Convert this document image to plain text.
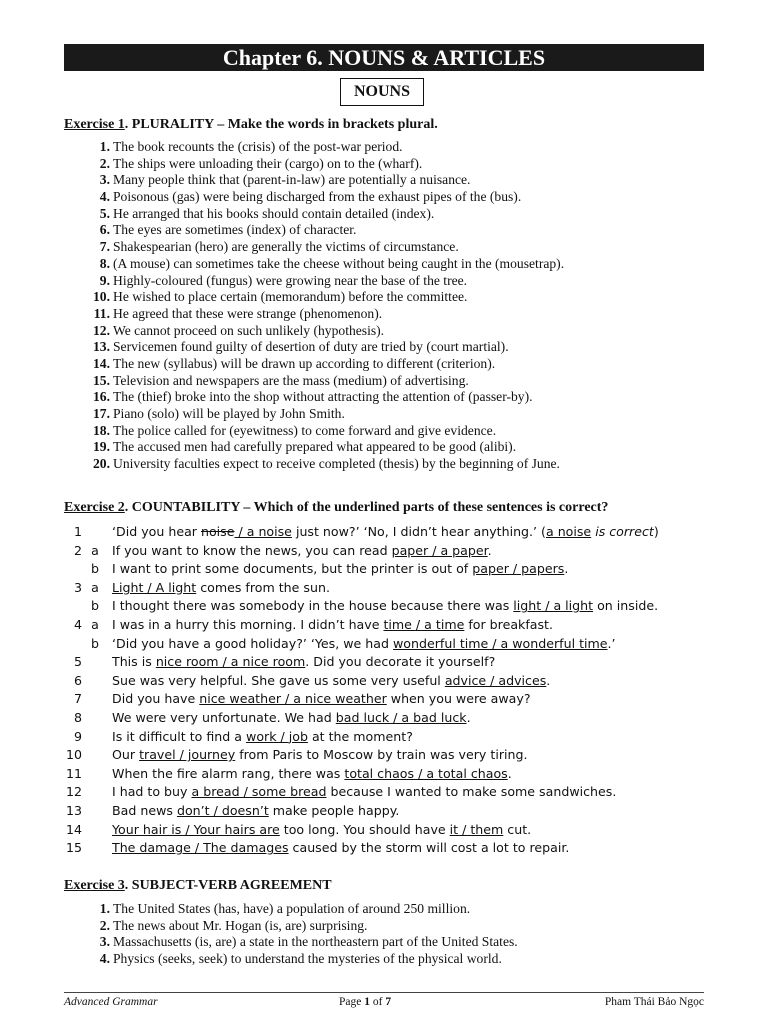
Chapter 6. NOUNS & ARTICLES
NOUNS
Exercise 1. PLURALITY – Make the words in brackets plural.
1. The book recounts the (crisis) of the post-war period.
2. The ships were unloading their (cargo) on to the (wharf).
3. Many people think that (parent-in-law) are potentially a nuisance.
4. Poisonous (gas) were being discharged from the exhaust pipes of the (bus).
5. He arranged that his books should contain detailed (index).
6. The eyes are sometimes (index) of character.
7. Shakespearian (hero) are generally the victims of circumstance.
8. (A mouse) can sometimes take the cheese without being caught in the (mousetrap).
9. Highly-coloured (fungus) were growing near the base of the tree.
10. He wished to place certain (memorandum) before the committee.
11. He agreed that these were strange (phenomenon).
12. We cannot proceed on such unlikely (hypothesis).
13. Servicemen found guilty of desertion of duty are tried by (court martial).
14. The new (syllabus) will be drawn up according to different (criterion).
15. Television and newspapers are the mass (medium) of advertising.
16. The (thief) broke into the shop without attracting the attention of (passer-by).
17. Piano (solo) will be played by John Smith.
18. The police called for (eyewitness) to come forward and give evidence.
19. The accused men had carefully prepared what appeared to be good (alibi).
20. University faculties expect to receive completed (thesis) by the beginning of June.
Exercise 2. COUNTABILITY – Which of the underlined parts of these sentences is correct?
1 ‘Did you hear noise / a noise just now?’ ‘No, I didn’t hear anything.’ (a noise is correct)
2 a If you want to know the news, you can read paper / a paper.
b I want to print some documents, but the printer is out of paper / papers.
3 a Light / A light comes from the sun.
b I thought there was somebody in the house because there was light / a light on inside.
4 a I was in a hurry this morning. I didn’t have time / a time for breakfast.
b ‘Did you have a good holiday?’ ‘Yes, we had wonderful time / a wonderful time.’
5 This is nice room / a nice room. Did you decorate it yourself?
6 Sue was very helpful. She gave us some very useful advice / advices.
7 Did you have nice weather / a nice weather when you were away?
8 We were very unfortunate. We had bad luck / a bad luck.
9 Is it difficult to find a work / job at the moment?
10 Our travel / journey from Paris to Moscow by train was very tiring.
11 When the fire alarm rang, there was total chaos / a total chaos.
12 I had to buy a bread / some bread because I wanted to make some sandwiches.
13 Bad news don’t / doesn’t make people happy.
14 Your hair is / Your hairs are too long. You should have it / them cut.
15 The damage / The damages caused by the storm will cost a lot to repair.
Exercise 3. SUBJECT-VERB AGREEMENT
1. The United States (has, have) a population of around 250 million.
2. The news about Mr. Hogan (is, are) surprising.
3. Massachusetts (is, are) a state in the northeastern part of the United States.
4. Physics (seeks, seek) to understand the mysteries of the physical world.
Advanced Grammar	Page 1 of 7	Pham Thái Bảo Ngọc
